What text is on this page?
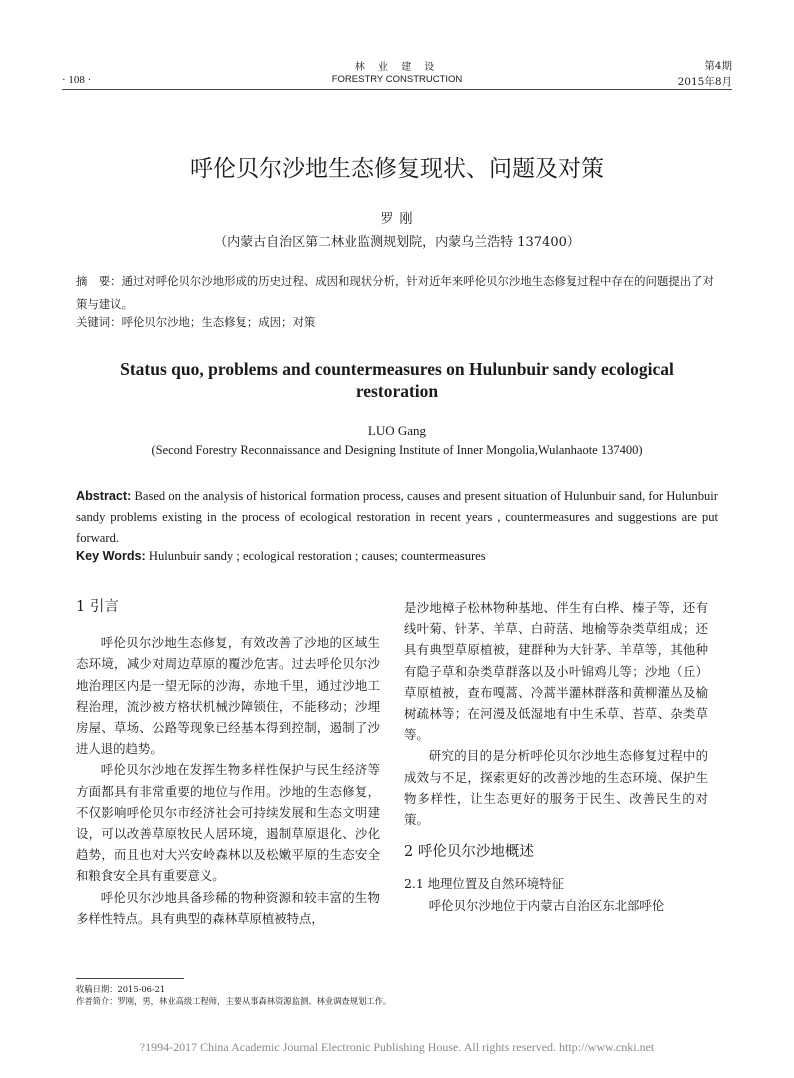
· 108 ·
林 业 建 设
FORESTRY CONSTRUCTION
第4期
2015年8月
呼伦贝尔沙地生态修复现状、问题及对策
罗 刚
（内蒙古自治区第二林业监测规划院，内蒙乌兰浩特 137400）
摘　要：通过对呼伦贝尔沙地形成的历史过程、成因和现状分析，针对近年来呼伦贝尔沙地生态修复过程中存在的问题提出了对策与建议。
关键词：呼伦贝尔沙地；生态修复；成因；对策
Status quo, problems and countermeasures on Hulunbuir sandy ecological restoration
LUO Gang
(Second Forestry Reconnaissance and Designing Institute of Inner Mongolia,Wulanhaote 137400)
Abstract: Based on the analysis of historical formation process, causes and present situation of Hulunbuir sand, for Hulunbuir sandy problems existing in the process of ecological restoration in recent years , countermeasures and suggestions are put forward.
Key Words: Hulunbuir sandy ; ecological restoration ; causes; countermeasures

1 引言

呼伦贝尔沙地生态修复，有效改善了沙地的区域生态环境，减少对周边草原的覆沙危害。过去呼伦贝尔沙地治理区内是一望无际的沙海，赤地千里，通过沙地工程治理，流沙被方格状机械沙障锁住，不能移动；沙埋房屋、草场、公路等现象已经基本得到控制，遏制了沙进人退的趋势。

呼伦贝尔沙地在发挥生物多样性保护与民生经济等方面都具有非常重要的地位与作用。沙地的生态修复，不仅影响呼伦贝尔市经济社会可持续发展和生态文明建设，可以改善草原牧民人居环境，遏制草原退化、沙化趋势，而且也对大兴安岭森林以及松嫩平原的生态安全和粮食安全具有重要意义。

呼伦贝尔沙地具备珍稀的物种资源和较丰富的生物多样性特点。具有典型的森林草原植被特点，

是沙地樟子松林物种基地、伴生有白桦、榛子等，还有线叶菊、针茅、羊草、白莳萿、地榆等杂类草组成；还具有典型草原植被，建群种为大针茅、羊草等，其他种有隐子草和杂类草群落以及小叶锦鸡儿等；沙地（丘）草原植被，查布嘎蒿、冷蒿半灌林群落和黄柳灌丛及榆树疏林等；在河漫及低湿地有中生禾草、苔草、杂类草等。

研究的目的是分析呼伦贝尔沙地生态修复过程中的成效与不足，探索更好的改善沙地的生态环境、保护生物多样性，让生态更好的服务于民生、改善民生的对策。

2 呼伦贝尔沙地概述

2.1 地理位置及自然环境特征

呼伦贝尔沙地位于内蒙古自治区东北部呼伦

收稿日期：2015-06-21
作者简介：罗刚，男，林业高级工程师，主要从事森林资源监测、林业调查规划工作。
?1994-2017 China Academic Journal Electronic Publishing House. All rights reserved. http://www.cnki.net
